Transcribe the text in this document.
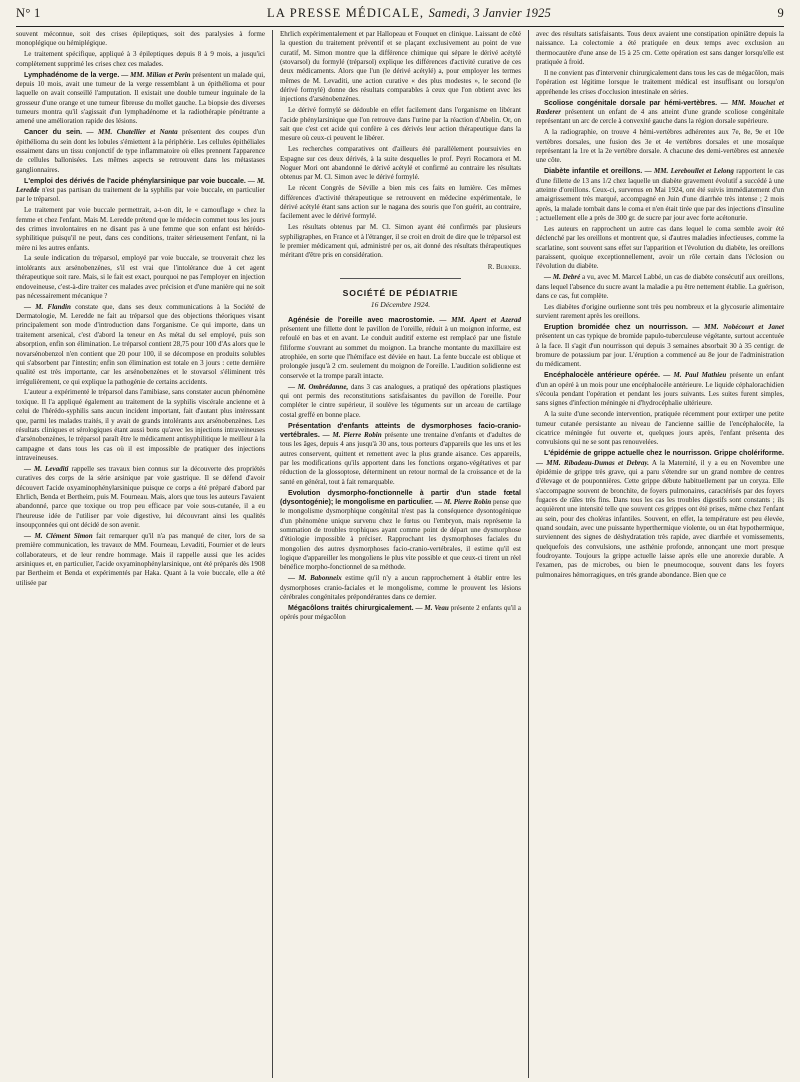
N° 1	LA PRESSE MÉDICALE, Samedi, 3 Janvier 1925	9

souvent méconnue, soit des crises épileptiques, soit des paralysies à forme monoplégique ou hémiplégique.

Le traitement spécifique, appliqué à 3 épileptiques depuis 8 à 9 mois, a jusqu'ici complètement supprimé les crises chez ces malades.

Lymphadénome de la verge. — MM. Milian et Perin présentent un malade qui, depuis 10 mois, avait une tumeur de la verge ressemblant à un épithélioma et pour laquelle on avait conseillé l'amputation. Il existait une double tumeur inguinale de la grosseur d'une orange et une tumeur fibreuse du mollet gauche. La biopsie des diverses tumeurs montra qu'il s'agissait d'un lymphadénome et la radiothérapie pénétrante a amené une amélioration rapide des lésions.

Cancer du sein. — MM. Chatellier et Nanta présentent des coupes d'un épithélioma du sein dont les lobules s'émiettent à la périphérie. Les cellules épithéliales essaiment dans un tissu conjonctif de type inflammatoire où elles prennent l'apparence de cellules ballonisées. Les mêmes aspects se retrouvent dans les métastases ganglionnaires.

L'emploi des dérivés de l'acide phénylarsinique par voie buccale. — M. Leredde n'est pas partisan du traitement de la syphilis par voie buccale, en particulier par le tréparsol.

Le traitement par voie buccale permettrait, a-t-on dit, le « camouflage » chez la femme et chez l'enfant. Mais M. Leredde prétend que le médecin commet tous les jours des crimes involontaires en ne disant pas à une femme que son enfant est hérédo-syphilitique puisqu'il ne peut, dans ces conditions, traiter sérieusement l'enfant, ni la mère ni les autres enfants.

La seule indication du tréparsol, employé par voie buccale, se trouverait chez les intolérants aux arsénobenzènes, s'il est vrai que l'intolérance due à cet agent thérapeutique soit rare. Mais, si le fait est exact, pourquoi ne pas l'employer en injection endoveineuse, c'est-à-dire traiter ces malades avec précision et d'une manière qui ne soit pas nécessairement mécanique ?

— M. Flandin constate que, dans ses deux communications à la Société de Dermatologie, M. Leredde ne fait au tréparsol que des objections théoriques visant principalement son mode d'introduction dans l'organisme. Ce qui importe, dans un traitement arsenical, c'est d'abord la teneur en As métal du sel employé, puis son absorption, enfin son élimination. Le tréparsol contient 28,75 pour 100 d'As alors que le novarsénobenzol n'en contient que 20 pour 100, il se décompose en produits solubles qui s'absorbent par l'intestin; enfin son élimination est totale en 3 jours : cette dernière qualité est très importante, car les arsénobenzènes et le stovarsol s'éliminent très irrégulièrement, ce qui explique la pathogénie de certains accidents.

L'auteur a expérimenté le tréparsol dans l'amibiase, sans constater aucun phénomène toxique. Il l'a appliqué également au traitement de la syphilis viscérale ancienne et à celui de l'hérédo-syphilis sans aucun incident important, fait d'autant plus intéressant que, parmi les malades traités, il y avait de grands intolérants aux arsénobenzènes. Les résultats cliniques et sérologiques étant aussi bons qu'avec les injections intraveineuses d'arsénobenzènes, le tréparsol paraît être le médicament antisyphilitique le meilleur à la campagne et dans tous les cas où il est impossible de pratiquer des injections intraveineuses.

— M. Levaditi rappelle ses travaux bien connus sur la découverte des propriétés curatives des corps de la série arsinique par voie gastrique. Il se défend d'avoir découvert l'acide oxyaminophénylarsinique puisque ce corps a été préparé d'abord par Ehrlich, Benda et Bertheim, puis M. Fourneau. Mais, alors que tous les auteurs l'avaient abandonné, parce que toxique ou trop peu efficace par voie sous-cutanée, il a eu l'heureuse idée de l'utiliser par voie digestive, lui découvrant ainsi les qualités insoupçonnées qui ont décidé de son avenir.

— M. Clément Simon fait remarquer qu'il n'a pas manqué de citer, lors de sa première communication, les travaux de MM. Fourneau, Levaditi, Fournier et de leurs collaborateurs, et de leur rendre hommage. Mais il rappelle aussi que les acides arsiniques et, en particulier, l'acide oxyaminophénylarsinique, ont été préparés dès 1908 par Bertheim et Benda et expérimentés par Haka. Quant à la voie buccale, elle a été utilisée par

Ehrlich expérimentalement et par Hallopeau et Fouquet en clinique. Laissant de côté la question du traitement préventif et se plaçant exclusivement au point de vue curatif, M. Simon montre que la différence chimique qui sépare le dérivé acétylé (stovarsol) du formylé (tréparsol) explique les différences d'activité curative de ces deux médicaments. Alors que l'un (le dérivé acétylé) a, pour employer les termes mêmes de M. Levaditi, une action curative « des plus modestes », le second (le dérivé formylé) donne des résultats comparables à ceux que l'on obtient avec les injections d'arsénobenzènes.

Le dérivé formylé se dédouble en effet facilement dans l'organisme en libérant l'acide phénylarsinique que l'on retrouve dans l'urine par la réaction d'Abelin. Or, on sait que c'est cet acide qui confère à ces dérivés leur action thérapeutique dans la mesure où ceux-ci peuvent le libérer.

Les recherches comparatives ont d'ailleurs été parallèlement poursuivies en Espagne sur ces deux dérivés, à la suite desquelles le prof. Peyri Rocamora et M. Noguer Mori ont abandonné le dérivé acétylé et confirmé au contraire les résultats obtenus par M. Cl. Simon avec le dérivé formylé.

Le récent Congrès de Séville a bien mis ces faits en lumière. Ces mêmes différences d'activité thérapeutique se retrouvent en médecine expérimentale, le dérivé acétylé étant sans action sur le nagana des souris que l'on guérit, au contraire, facilement avec le dérivé formylé.

Les résultats obtenus par M. Cl. Simon ayant été confirmés par plusieurs syphiligraphes, en France et à l'étranger, il se croit en droit de dire que le tréparsol est le premier médicament qui, administré per os, ait donné des résultats thérapeutiques méritant d'être pris en considération.

R. Burnier.
SOCIÉTÉ DE PÉDIATRIE
16 Décembre 1924.

Agénésie de l'oreille avec macrostomie. — MM. Apert et Azerad présentent une fillette dont le pavillon de l'oreille, réduit à un moignon informe, est refoulé en bas et en avant. Le conduit auditif externe est remplacé par une fistule filiforme s'ouvrant au sommet du moignon. La branche montante du maxillaire est atrophiée, en sorte que l'hémiface est déviée en haut. La fente buccale est oblique et prolongée jusqu'à 2 cm. seulement du moignon de l'oreille. L'audition solidienne est conservée et la trompe paraît intacte.

— M. Ombrédanne, dans 3 cas analogues, a pratiqué des opérations plastiques qui ont permis des reconstitutions satisfaisantes du pavillon de l'oreille. Pour compléter le cintre supérieur, il soulève les téguments sur un arceau de cartilage costal greffé en bonne place.

Présentation d'enfants atteints de dysmorphoses facio-cranio-vertébrales. — M. Pierre Robin présente une trentaine d'enfants et d'adultes de tous les âges, depuis 4 ans jusqu'à 30 ans, tous porteurs d'appareils que les uns et les autres conservent, quittent et remettent avec la plus grande aisance. Ces appareils, par les modifications qu'ils apportent dans les fonctions organo-végétatives et par réduction de la glossoptose, déterminent un retour normal de la croissance et de la santé en général, tout à fait remarquable.

Evolution dysmorpho-fonctionnelle à partir d'un stade fœtal (dysontogénie); le mongolisme en particulier. — M. Pierre Robin pense que le mongolisme dysmorphique congénital n'est pas la conséquence dysontogénique d'un phénomène unique survenu chez le fœtus ou l'embryon, mais représente la sommation de troubles trophiques ayant comme point de départ une dysmorphose d'étiologie impossible à préciser. Rapprochant les dysmorphoses faciales du mongolien des autres dysmorphoses facio-cranio-vertébrales, il estime qu'il est logique d'appareiller les mongoliens le plus vite possible et que ceux-ci tirent un réel bénéfice morpho-fonctionnel de sa méthode.

— M. Babonneix estime qu'il n'y a aucun rapprochement à établir entre les dysmorphoses cranio-faciales et le mongolisme, comme le prouvent les lésions cérébrales congénitales prépondérantes dans ce dernier.

Mégacôlons traités chirurgicalement. — M. Veau présente 2 enfants qu'il a opérés pour mégacôlon

avec des résultats satisfaisants. Tous deux avaient une constipation opiniâtre depuis la naissance. La colectomie a été pratiquée en deux temps avec exclusion au thermocautère d'une anse de 15 à 25 cm. Cette opération est sans danger lorsqu'elle est pratiquée à froid.

Il ne convient pas d'intervenir chirurgicalement dans tous les cas de mégacôlon, mais l'opération est légitime lorsque le traitement médical est insuffisant ou lorsqu'on appréhende les crises d'occlusion intestinale en séries.

Scoliose congénitale dorsale par hémi-vertèbres. — MM. Mouchet et Rœderer présentent un enfant de 4 ans atteint d'une grande scoliose congénitale représentant un arc de cercle à convexité gauche dans la région dorsale supérieure.

A la radiographie, on trouve 4 hémi-vertèbres adhérentes aux 7e, 8e, 9e et 10e vertèbres dorsales, une fusion des 3e et 4e vertèbres dorsales et une mosaïque représentant la 1re et la 2e vertèbre dorsale. A chacune des demi-vertèbres est annexée une côte.

Diabète infantile et oreillons. — MM. Lereboullet et Lelong rapportent le cas d'une fillette de 13 ans 1/2 chez laquelle un diabète gravement évolutif a succédé à une atteinte d'oreillons. Ceux-ci, survenus en Mai 1924, ont été suivis immédiatement d'un amaigrissement très marqué, accompagné en Juin d'une diarrhée très intense ; 2 mois après, la malade tombait dans le coma et n'en était tirée que par des injections d'insuline ; actuellement elle a près de 300 gr. de sucre par jour avec forte acétonurie.

Les auteurs en rapprochent un autre cas dans lequel le coma semble avoir été déclenché par les oreillons et montrent que, si d'autres maladies infectieuses, comme la scarlatine, sont souvent sans effet sur l'apparition et l'évolution du diabète, les oreillons paraissent, quoique exceptionnellement, avoir un rôle certain dans l'éclosion ou l'évolution du diabète.

— M. Debré a vu, avec M. Marcel Labbé, un cas de diabète consécutif aux oreillons, dans lequel l'absence du sucre avant la maladie a pu être nettement établie. La guérison, dans ce cas, fut complète.

Les diabètes d'origine ourlienne sont très peu nombreux et la glycosurie alimentaire survient rarement après les oreillons.

Eruption bromidée chez un nourrisson. — MM. Nobécourt et Janet présentent un cas typique de bromide papulo-tuberculeuse végétante, surtout accentuée à la face. Il s'agit d'un nourrisson qui depuis 3 semaines absorbait 30 à 35 centigr. de bromure de potassium par jour. L'éruption a commencé au 8e jour de l'administration du médicament.

Encéphalocèle antérieure opérée. — M. Paul Mathieu présente un enfant d'un an opéré à un mois pour une encéphalocèle antérieure. Le liquide céphalorachidien s'écoula pendant l'opération et pendant les jours suivants. Les suites furent simples, sans signes d'infection méningée ni d'hydrocéphalie ultérieure.

A la suite d'une seconde intervention, pratiquée récemment pour extirper une petite tumeur cutanée persistante au niveau de l'ancienne saillie de l'encéphalocèle, la cicatrice méningée fut ouverte et, quelques jours après, l'enfant présenta des convulsions qui ne se sont pas renouvelées.

L'épidémie de grippe actuelle chez le nourrisson. Grippe cholériforme. — MM. Ribadeau-Dumas et Debray. A la Maternité, il y a eu en Novembre une épidémie de grippe très grave, qui a paru s'étendre sur un grand nombre de centres d'élevage et de pouponnières. Cette grippe débute habituellement par un coryza. Elle s'accompagne souvent de bronchite, de foyers pulmonaires, caractérisés par des foyers fugaces de râles très fins. Dans tous les cas les troubles digestifs sont constants ; ils acquièrent une intensité telle que souvent ces grippes ont été prises, même chez l'enfant au sein, pour des choléras infantiles. Souvent, en effet, la température est peu élevée, quand soudain, avec une puissante hyperthermique violente, ou un état hypothermique, surviennent des signes de déshydratation très rapide, avec diarrhée et vomissements, quelquefois des convulsions, une asthénie profonde, annonçant une mort presque foudroyante. Toujours la grippe actuelle laisse après elle une anorexie durable. A l'examen, pas de microbes, ou bien le pneumocoque, souvent dans les foyers pulmonaires hémorragiques, en très grande abondance. Bien que ce
